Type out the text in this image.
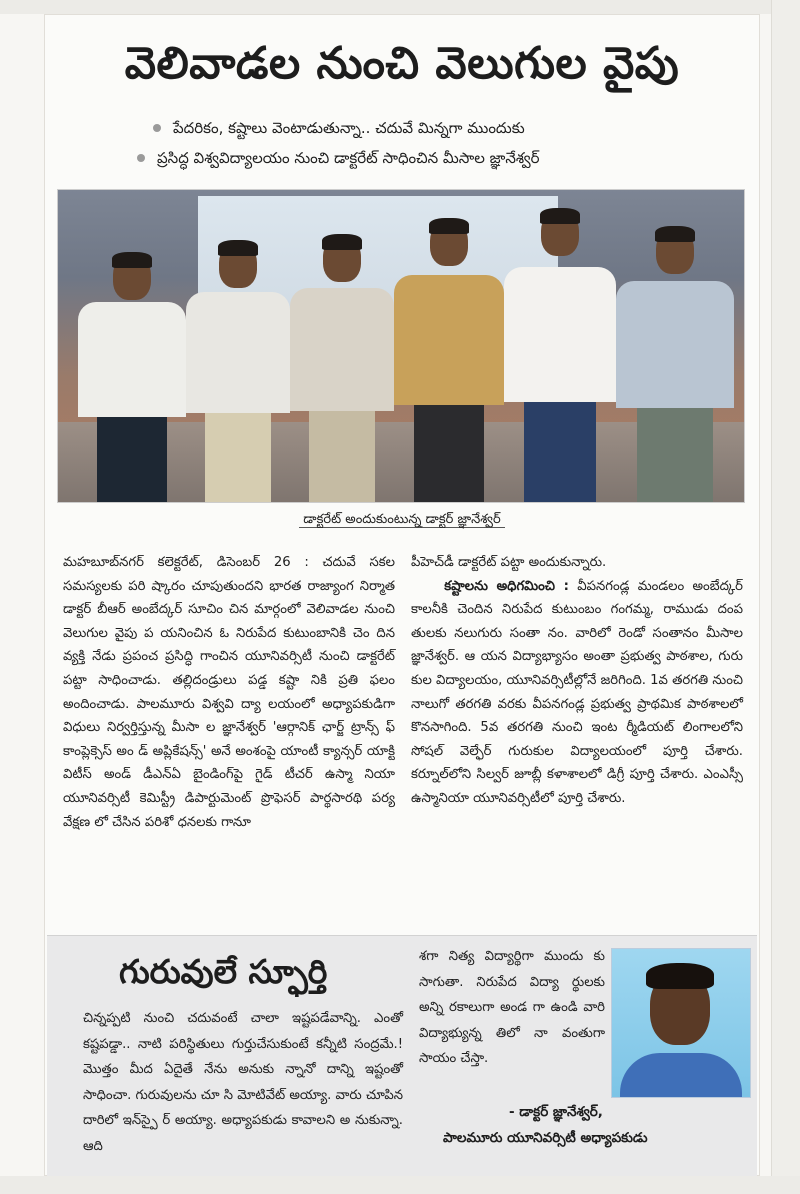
వెలివాడల నుంచి వెలుగుల వైపు
పేదరికం, కష్టాలు వెంటాడుతున్నా.. చదువే మిన్నగా ముందుకు
ప్రసిద్ధ విశ్వవిద్యాలయం నుంచి డాక్టరేట్ సాధించిన మీసాల జ్ఞానేశ్వర్
డాక్టరేట్ అందుకుంటున్న డాక్టర్ జ్ఞానేశ్వర్
మహబూబ్‌నగర్ కలెక్టరేట్, డిసెంబర్ 26 : చదువే సకల సమస్యలకు పరి ష్కారం చూపుతుందని భారత రాజ్యాంగ నిర్మాత డాక్టర్ బీఆర్ అంబేద్కర్ సూచిం చిన మార్గంలో వెలివాడల నుంచి వెలుగుల వైపు ప యనించిన ఓ నిరుపేద కుటుంబానికి చెం దిన వ్యక్తి నేడు ప్రపంచ ప్రసిద్ధి గాంచిన యూనివర్సిటీ నుంచి డాక్టరేట్ పట్టా సాధించాడు. తల్లిదండ్రులు పడ్డ కష్టా నికి ప్రతి ఫలం అందించాడు. పాలమూరు విశ్వవి ద్యా లయంలో అధ్యాపకుడిగా విధులు నిర్వర్తిస్తున్న మీసా ల జ్ఞానేశ్వర్ 'ఆర్గానిక్ ఛార్జ్ ట్రాన్స్ ఫ్ కాంప్లెక్సెస్ అం డ్ అప్లికేషన్స్' అనే అంశంపై యాంటీ క్యాన్సర్ యాక్టి విటీస్ అండ్ డీఎన్ఏ బైండింగ్‌పై గైడ్ టీచర్ ఉస్మా నియా యూనివర్సిటీ కెమిస్ట్రీ డిపార్టుమెంట్ ప్రొఫెసర్ పార్థసారథి పర్య వేక్షణ లో చేసిన పరిశో ధనలకు గానూ
పీహెచ్‌డీ డాక్టరేట్ పట్టా అందుకున్నారు.
కష్టాలను అధిగమించి : వీపనగండ్ల మండలం అంబేద్కర్ కాలనీకి చెందిన నిరుపేద కుటుంబం గంగమ్మ, రాముడు దంప తులకు నలుగురు సంతా నం. వారిలో రెండో సంతానం మీసాల జ్ఞానేశ్వర్. ఆ యన విద్యాభ్యాసం అంతా ప్రభుత్వ పాఠశాల, గురు కుల విద్యాలయం, యూనివర్సిటీల్లోనే జరిగింది. 1వ తరగతి నుంచి నాలుగో తరగతి వరకు వీపనగండ్ల ప్రభుత్వ ప్రాథమిక పాఠశాలలో కొనసాగింది. 5వ తరగతి నుంచి ఇంట ర్మీడియట్ లింగాలలోని సోషల్ వెల్ఫేర్ గురుకుల విద్యాలయంలో పూర్తి చేశారు. కర్నూల్‌లోని సిల్వర్ జూబ్లీ కళాశాలలో డిగ్రీ పూర్తి చేశారు. ఎంఎస్సీ ఉస్మానియా యూనివర్సిటీలో పూర్తి చేశారు.
గురువులే స్ఫూర్తి
చిన్నప్పటి నుంచి చదువంటే చాలా ఇష్టపడేవాన్ని. ఎంతో కష్టపడ్డా.. నాటి పరిస్థితులు గుర్తుచేసుకుంటే కన్నీటి సంద్రమే.! మొత్తం మీద ఏదైతే నేను అనుకు న్నానో దాన్ని ఇష్టంతో సాధించా. గురువులను చూ సి మోటివేట్ అయ్యా. వారు చూపిన దారిలో ఇన్‌స్పై ర్ అయ్యా. అధ్యాపకుడు కావాలని అ నుకున్నా. ఆది
శగా నిత్య విద్యార్థిగా ముందు కు సాగుతా. నిరుపేద విద్యా ర్థులకు అన్ని రకాలుగా అండ గా ఉండి వారి విద్యాభ్యున్న తిలో నా వంతుగా సాయం చేస్తా.
- డాక్టర్ జ్ఞానేశ్వర్,
పాలమూరు యూనివర్సిటీ అధ్యాపకుడు
